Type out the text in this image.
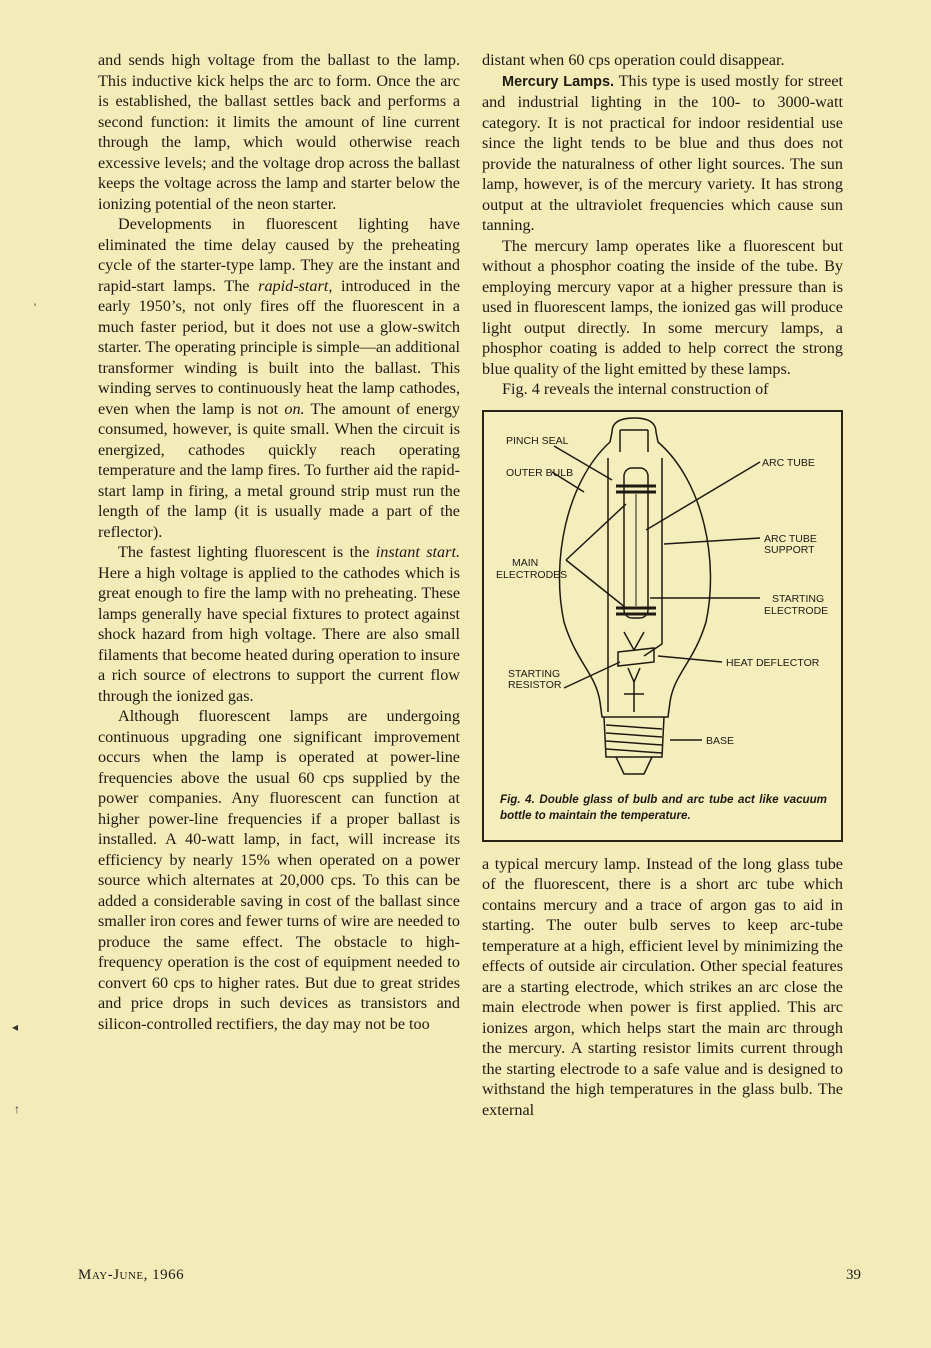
and sends high voltage from the ballast to the lamp. This inductive kick helps the arc to form. Once the arc is established, the ballast settles back and performs a second function: it limits the amount of line current through the lamp, which would otherwise reach excessive levels; and the voltage drop across the ballast keeps the voltage across the lamp and starter below the ionizing potential of the neon starter.

Developments in fluorescent lighting have eliminated the time delay caused by the preheating cycle of the starter-type lamp. They are the instant and rapid-start lamps. The rapid-start, introduced in the early 1950’s, not only fires off the fluorescent in a much faster period, but it does not use a glow-switch starter. The operating principle is simple—an additional transformer winding is built into the ballast. This winding serves to continuously heat the lamp cathodes, even when the lamp is not on. The amount of energy consumed, however, is quite small. When the circuit is energized, cathodes quickly reach operating temperature and the lamp fires. To further aid the rapid-start lamp in firing, a metal ground strip must run the length of the lamp (it is usually made a part of the reflector).

The fastest lighting fluorescent is the instant start. Here a high voltage is applied to the cathodes which is great enough to fire the lamp with no preheating. These lamps generally have special fixtures to protect against shock hazard from high voltage. There are also small filaments that become heated during operation to insure a rich source of electrons to support the current flow through the ionized gas.

Although fluorescent lamps are undergoing continuous upgrading one significant improvement occurs when the lamp is operated at power-line frequencies above the usual 60 cps supplied by the power companies. Any fluorescent can function at higher power-line frequencies if a proper ballast is installed. A 40-watt lamp, in fact, will increase its efficiency by nearly 15% when operated on a power source which alternates at 20,000 cps. To this can be added a considerable saving in cost of the ballast since smaller iron cores and fewer turns of wire are needed to produce the same effect. The obstacle to high-frequency operation is the cost of equipment needed to convert 60 cps to higher rates. But due to great strides and price drops in such devices as transistors and silicon-controlled rectifiers, the day may not be too

distant when 60 cps operation could disappear.

Mercury Lamps. This type is used mostly for street and industrial lighting in the 100- to 3000-watt category. It is not practical for indoor residential use since the light tends to be blue and thus does not provide the naturalness of other light sources. The sun lamp, however, is of the mercury variety. It has strong output at the ultraviolet frequencies which cause sun tanning.

The mercury lamp operates like a fluorescent but without a phosphor coating the inside of the tube. By employing mercury vapor at a higher pressure than is used in fluorescent lamps, the ionized gas will produce light output directly. In some mercury lamps, a phosphor coating is added to help correct the strong blue quality of the light emitted by these lamps.

Fig. 4 reveals the internal construction of

PINCH SEAL
OUTER BULB
MAIN
ELECTRODES
STARTING
RESISTOR
ARC TUBE
ARC TUBE
SUPPORT
STARTING
ELECTRODE
HEAT DEFLECTOR
BASE
Fig. 4. Double glass of bulb and arc tube act like vacuum bottle to maintain the temperature.

a typical mercury lamp. Instead of the long glass tube of the fluorescent, there is a short arc tube which contains mercury and a trace of argon gas to aid in starting. The outer bulb serves to keep arc-tube temperature at a high, efficient level by minimizing the effects of outside air circulation. Other special features are a starting electrode, which strikes an arc close the main electrode when power is first applied. This arc ionizes argon, which helps start the main arc through the mercury. A starting resistor limits current through the starting electrode to a safe value and is designed to withstand the high temperatures in the glass bulb. The external

May-June, 1966	39
'
◂
↑
